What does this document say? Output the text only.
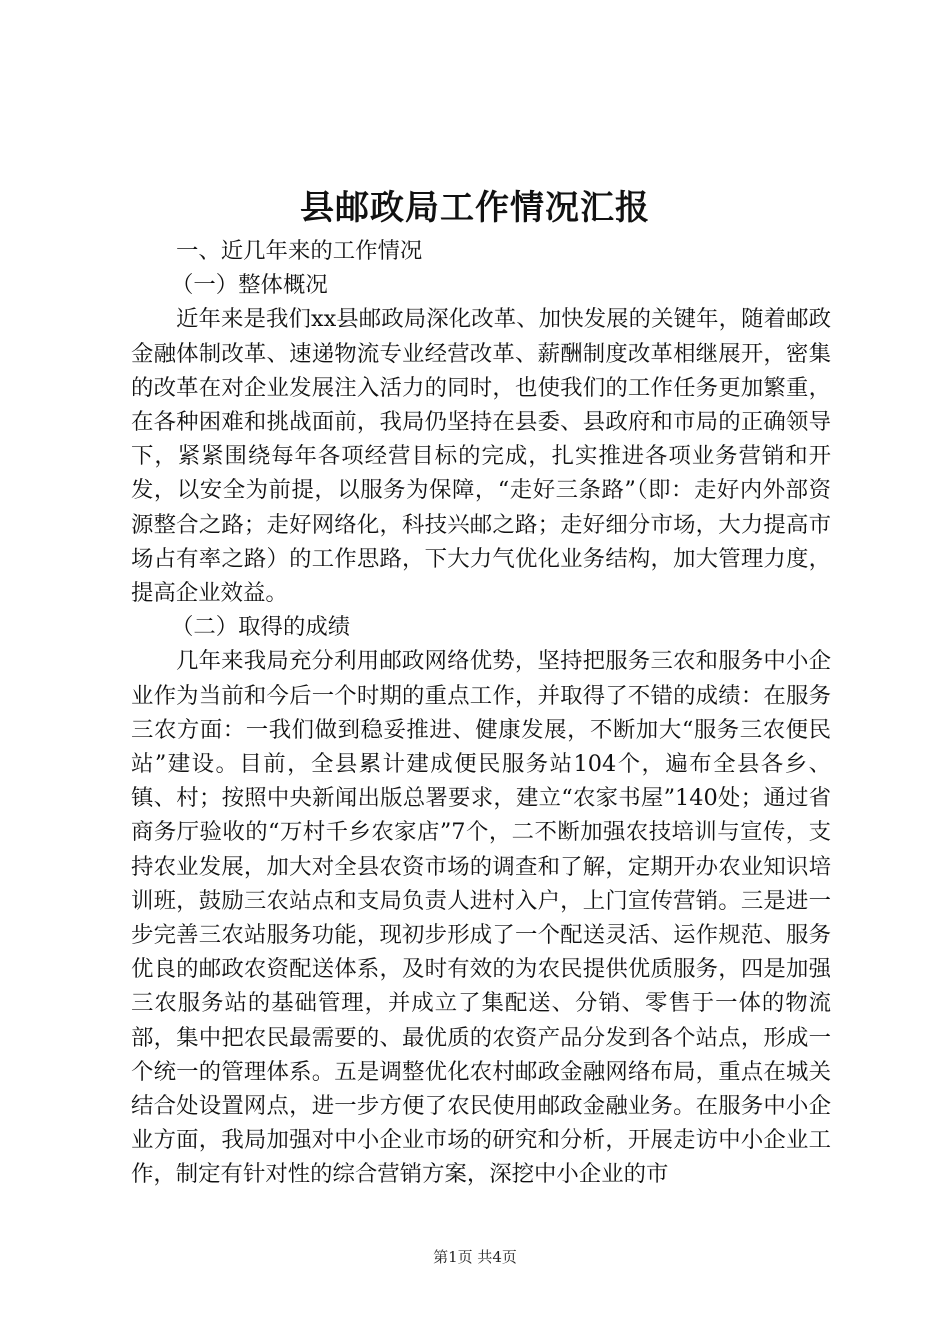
县邮政局工作情况汇报

一、近几年来的工作情况

（一）整体概况

近年来是我们xx县邮政局深化改革、加快发展的关键年，随着邮政金融体制改革、速递物流专业经营改革、薪酬制度改革相继展开，密集的改革在对企业发展注入活力的同时，也使我们的工作任务更加繁重，在各种困难和挑战面前，我局仍坚持在县委、县政府和市局的正确领导下，紧紧围绕每年各项经营目标的完成，扎实推进各项业务营销和开发，以安全为前提，以服务为保障，“走好三条路”（即：走好内外部资源整合之路；走好网络化，科技兴邮之路；走好细分市场，大力提高市场占有率之路）的工作思路，下大力气优化业务结构，加大管理力度，提高企业效益。

（二）取得的成绩

几年来我局充分利用邮政网络优势，坚持把服务三农和服务中小企业作为当前和今后一个时期的重点工作，并取得了不错的成绩：在服务三农方面：一我们做到稳妥推进、健康发展，不断加大“服务三农便民站”建设。目前，全县累计建成便民服务站104个，遍布全县各乡、镇、村；按照中央新闻出版总署要求，建立“农家书屋”140处；通过省商务厅验收的“万村千乡农家店”7个，二不断加强农技培训与宣传，支持农业发展，加大对全县农资市场的调查和了解，定期开办农业知识培训班，鼓励三农站点和支局负责人进村入户，上门宣传营销。三是进一步完善三农站服务功能，现初步形成了一个配送灵活、运作规范、服务优良的邮政农资配送体系，及时有效的为农民提供优质服务，四是加强三农服务站的基础管理，并成立了集配送、分销、零售于一体的物流部，集中把农民最需要的、最优质的农资产品分发到各个站点，形成一个统一的管理体系。五是调整优化农村邮政金融网络布局，重点在城关结合处设置网点，进一步方便了农民使用邮政金融业务。在服务中小企业方面，我局加强对中小企业市场的研究和分析，开展走访中小企业工作，制定有针对性的综合营销方案，深挖中小企业的市

第1页 共4页
